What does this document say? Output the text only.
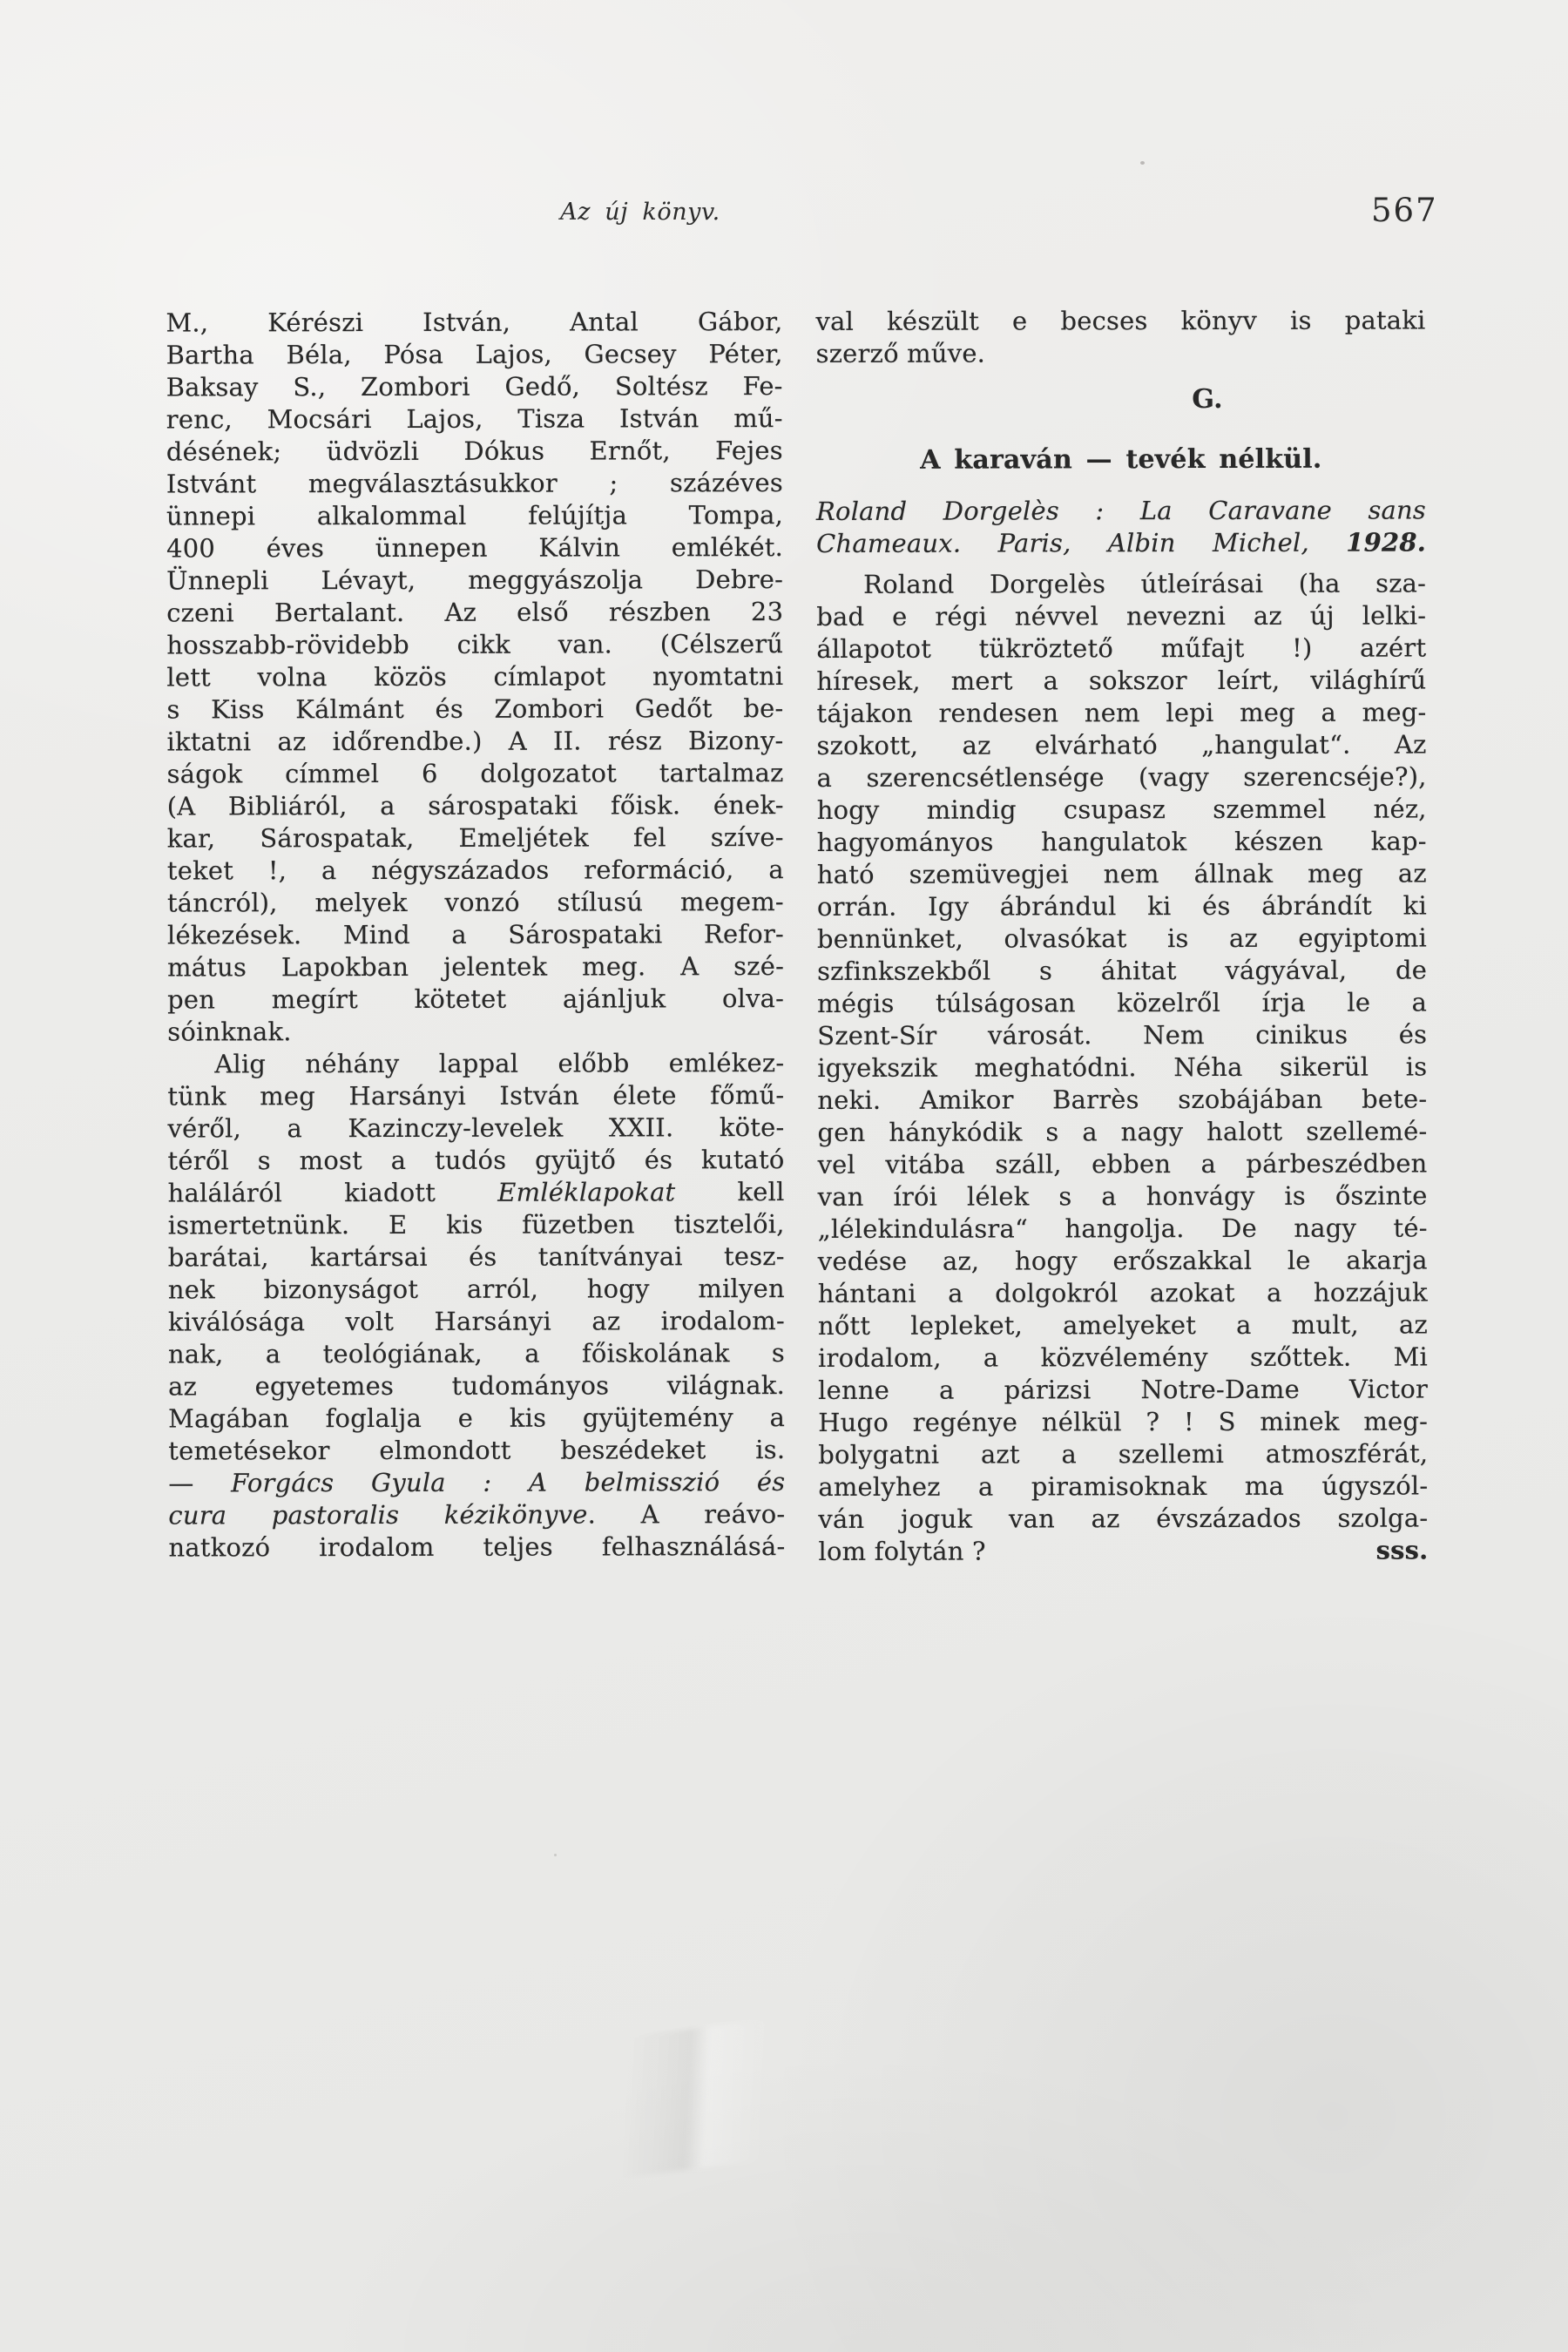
Az új könyv.	567
M., Kérészi István, Antal Gábor,
Bartha Béla, Pósa Lajos, Gecsey Péter,
Baksay S., Zombori Gedő, Soltész Fe-
renc, Mocsári Lajos, Tisza István mű-
désének; üdvözli Dókus Ernőt, Fejes
Istvánt megválasztásukkor ; százéves
ünnepi alkalommal felújítja Tompa,
400 éves ünnepen Kálvin emlékét.
Ünnepli Lévayt, meggyászolja Debre-
czeni Bertalant. Az első részben 23
hosszabb-rövidebb cikk van. (Célszerű
lett volna közös címlapot nyomtatni
s Kiss Kálmánt és Zombori Gedőt be-
iktatni az időrendbe.) A II. rész Bizony-
ságok címmel 6 dolgozatot tartalmaz
(A Bibliáról, a sárospataki főisk. ének-
kar, Sárospatak, Emeljétek fel szíve-
teket !, a négyszázados reformáció, a
táncról), melyek vonzó stílusú megem-
lékezések. Mind a Sárospataki Refor-
mátus Lapokban jelentek meg. A szé-
pen megírt kötetet ajánljuk olva-
sóinknak.
Alig néhány lappal előbb emlékez-
tünk meg Harsányi István élete főmű-
véről, a Kazinczy-levelek XXII. köte-
téről s most a tudós gyüjtő és kutató
haláláról kiadott Emléklapokat kell
ismertetnünk. E kis füzetben tisztelői,
barátai, kartársai és tanítványai tesz-
nek bizonyságot arról, hogy milyen
kiválósága volt Harsányi az irodalom-
nak, a teológiának, a főiskolának s
az egyetemes tudományos világnak.
Magában foglalja e kis gyüjtemény a
temetésekor elmondott beszédeket is.
— Forgács Gyula : A belmisszió és
cura pastoralis kézikönyve. A reávo-
natkozó irodalom teljes felhasználásá-
val készült e becses könyv is pataki
szerző műve.
G.
A karaván — tevék nélkül.
Roland Dorgelès : La Caravane sans
Chameaux. Paris, Albin Michel, 1928.
Roland Dorgelès útleírásai (ha sza-
bad e régi névvel nevezni az új lelki-
állapotot tükröztető műfajt !) azért
híresek, mert a sokszor leírt, világhírű
tájakon rendesen nem lepi meg a meg-
szokott, az elvárható „hangulat“. Az
a szerencsétlensége (vagy szerencséje?),
hogy mindig csupasz szemmel néz,
hagyományos hangulatok készen kap-
ható szemüvegjei nem állnak meg az
orrán. Igy ábrándul ki és ábrándít ki
bennünket, olvasókat is az egyiptomi
szfinkszekből s áhitat vágyával, de
mégis túlságosan közelről írja le a
Szent-Sír városát. Nem cinikus és
igyekszik meghatódni. Néha sikerül is
neki. Amikor Barrès szobájában bete-
gen hánykódik s a nagy halott szellemé-
vel vitába száll, ebben a párbeszédben
van írói lélek s a honvágy is őszinte
„lélekindulásra“ hangolja. De nagy té-
vedése az, hogy erőszakkal le akarja
hántani a dolgokról azokat a hozzájuk
nőtt lepleket, amelyeket a mult, az
irodalom, a közvélemény szőttek. Mi
lenne a párizsi Notre-Dame Victor
Hugo regénye nélkül ? ! S minek meg-
bolygatni azt a szellemi atmoszférát,
amelyhez a piramisoknak ma úgyszól-
ván joguk van az évszázados szolga-
lom folytán ?	sss.
